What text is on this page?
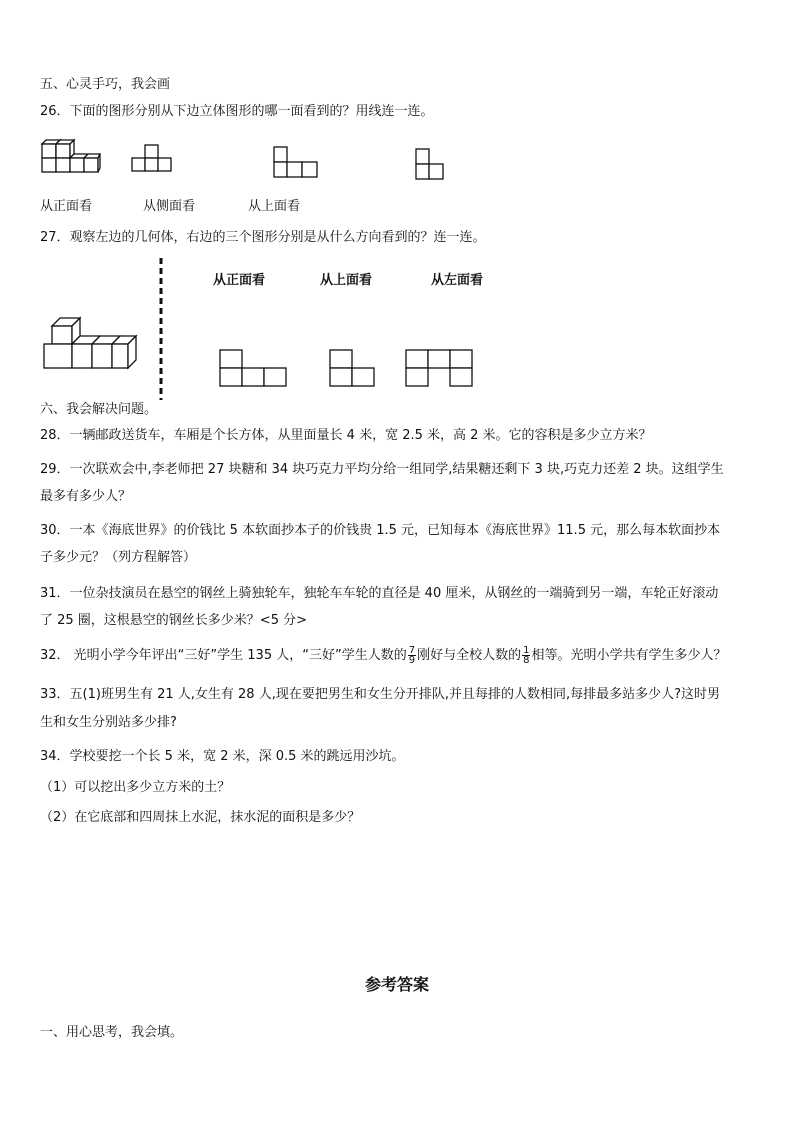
五、心灵手巧，我会画
26．下面的图形分别从下边立体图形的哪一面看到的？用线连一连。
从正面看	从侧面看	从上面看
27．观察左边的几何体，右边的三个图形分别是从什么方向看到的？连一连。
从正面看	从上面看	从左面看
六、我会解决问题。
28．一辆邮政送货车，车厢是个长方体，从里面量长 4 米，宽 2.5 米，高 2 米。它的容积是多少立方米？
29．一次联欢会中,李老师把 27 块糖和 34 块巧克力平均分给一组同学,结果糖还剩下 3 块,巧克力还差 2 块。这组学生
最多有多少人？
30．一本《海底世界》的价钱比 5 本软面抄本子的价钱贵 1.5 元，已知每本《海底世界》11.5 元，那么每本软面抄本
子多少元？（列方程解答）
31．一位杂技演员在悬空的钢丝上骑独轮车，独轮车车轮的直径是 40 厘米，从钢丝的一端骑到另一端，车轮正好滚动
了 25 圈，这根悬空的钢丝长多少米？<5 分>
32． 光明小学今年评出“三好”学生 135 人，“三好”学生人数的 $\frac{7}{9}$ 刚好与全校人数的 $\frac{1}{8}$ 相等。光明小学共有学生多少人？
33．五(1)班男生有 21 人,女生有 28 人,现在要把男生和女生分开排队,并且每排的人数相同,每排最多站多少人?这时男
生和女生分别站多少排?
34．学校要挖一个长 5 米，宽 2 米，深 0.5 米的跳远用沙坑。
（1）可以挖出多少立方米的土？
（2）在它底部和四周抹上水泥，抹水泥的面积是多少？
参考答案
一、用心思考，我会填。
